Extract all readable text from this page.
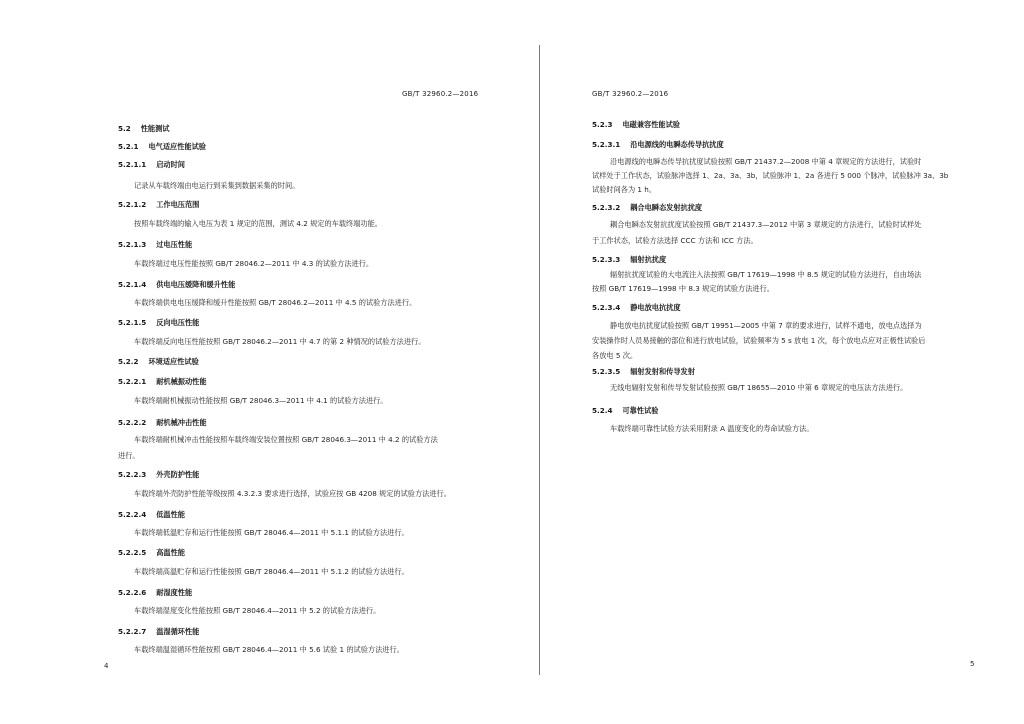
GB/T 32960.2—2016
5.2 性能测试
5.2.1 电气适应性能试验
5.2.1.1 启动时间
记录从车载终端由电运行到采集到数据采集的时间。
5.2.1.2 工作电压范围
按照车载终端的输入电压为表 1 规定的范围，测试 4.2 规定的车载终端功能。
5.2.1.3 过电压性能
车载终端过电压性能按照 GB/T 28046.2—2011 中 4.3 的试验方法进行。
5.2.1.4 供电电压缓降和缓升性能
车载终端供电电压缓降和缓升性能按照 GB/T 28046.2—2011 中 4.5 的试验方法进行。
5.2.1.5 反向电压性能
车载终端反向电压性能按照 GB/T 28046.2—2011 中 4.7 的第 2 种情况的试验方法进行。
5.2.2 环境适应性试验
5.2.2.1 耐机械振动性能
车载终端耐机械振动性能按照 GB/T 28046.3—2011 中 4.1 的试验方法进行。
5.2.2.2 耐机械冲击性能
车载终端耐机械冲击性能按照车载终端安装位置按照 GB/T 28046.3—2011 中 4.2 的试验方法
进行。
5.2.2.3 外壳防护性能
车载终端外壳防护性能等级按照 4.3.2.3 要求进行选择，试验应按 GB 4208 规定的试验方法进行。
5.2.2.4 低温性能
车载终端低温贮存和运行性能按照 GB/T 28046.4—2011 中 5.1.1 的试验方法进行。
5.2.2.5 高温性能
车载终端高温贮存和运行性能按照 GB/T 28046.4—2011 中 5.1.2 的试验方法进行。
5.2.2.6 耐湿度性能
车载终端湿度变化性能按照 GB/T 28046.4—2011 中 5.2 的试验方法进行。
5.2.2.7 温湿循环性能
车载终端温湿循环性能按照 GB/T 28046.4—2011 中 5.6 试验 1 的试验方法进行。
4
GB/T 32960.2—2016
5.2.3 电磁兼容性能试验
5.2.3.1 沿电源线的电瞬态传导抗扰度
沿电源线的电瞬态传导抗扰度试验按照 GB/T 21437.2—2008 中第 4 章规定的方法进行，试验时
试样处于工作状态，试验脉冲选择 1、2a、3a、3b，试验脉冲 1、2a 各进行 5 000 个脉冲，试验脉冲 3a、3b
试验时间各为 1 h。
5.2.3.2 耦合电瞬态发射抗扰度
耦合电瞬态发射抗扰度试验按照 GB/T 21437.3—2012 中第 3 章规定的方法进行，试验时试样处
于工作状态，试验方法选择 CCC 方法和 ICC 方法。
5.2.3.3 辐射抗扰度
辐射抗扰度试验的大电流注入法按照 GB/T 17619—1998 中 8.5 规定的试验方法进行，自由场法
按照 GB/T 17619—1998 中 8.3 规定的试验方法进行。
5.2.3.4 静电放电抗扰度
静电放电抗扰度试验按照 GB/T 19951—2005 中第 7 章的要求进行，试样不通电，放电点选择为
安装操作时人员易接触的部位和进行放电试验，试验频率为 5 s 放电 1 次，每个放电点应对正极性试验后
各放电 5 次。
5.2.3.5 辐射发射和传导发射
无线电辐射发射和传导发射试验按照 GB/T 18655—2010 中第 6 章规定的电压法方法进行。
5.2.4 可靠性试验
车载终端可靠性试验方法采用附录 A 温度变化的寿命试验方法。
5
